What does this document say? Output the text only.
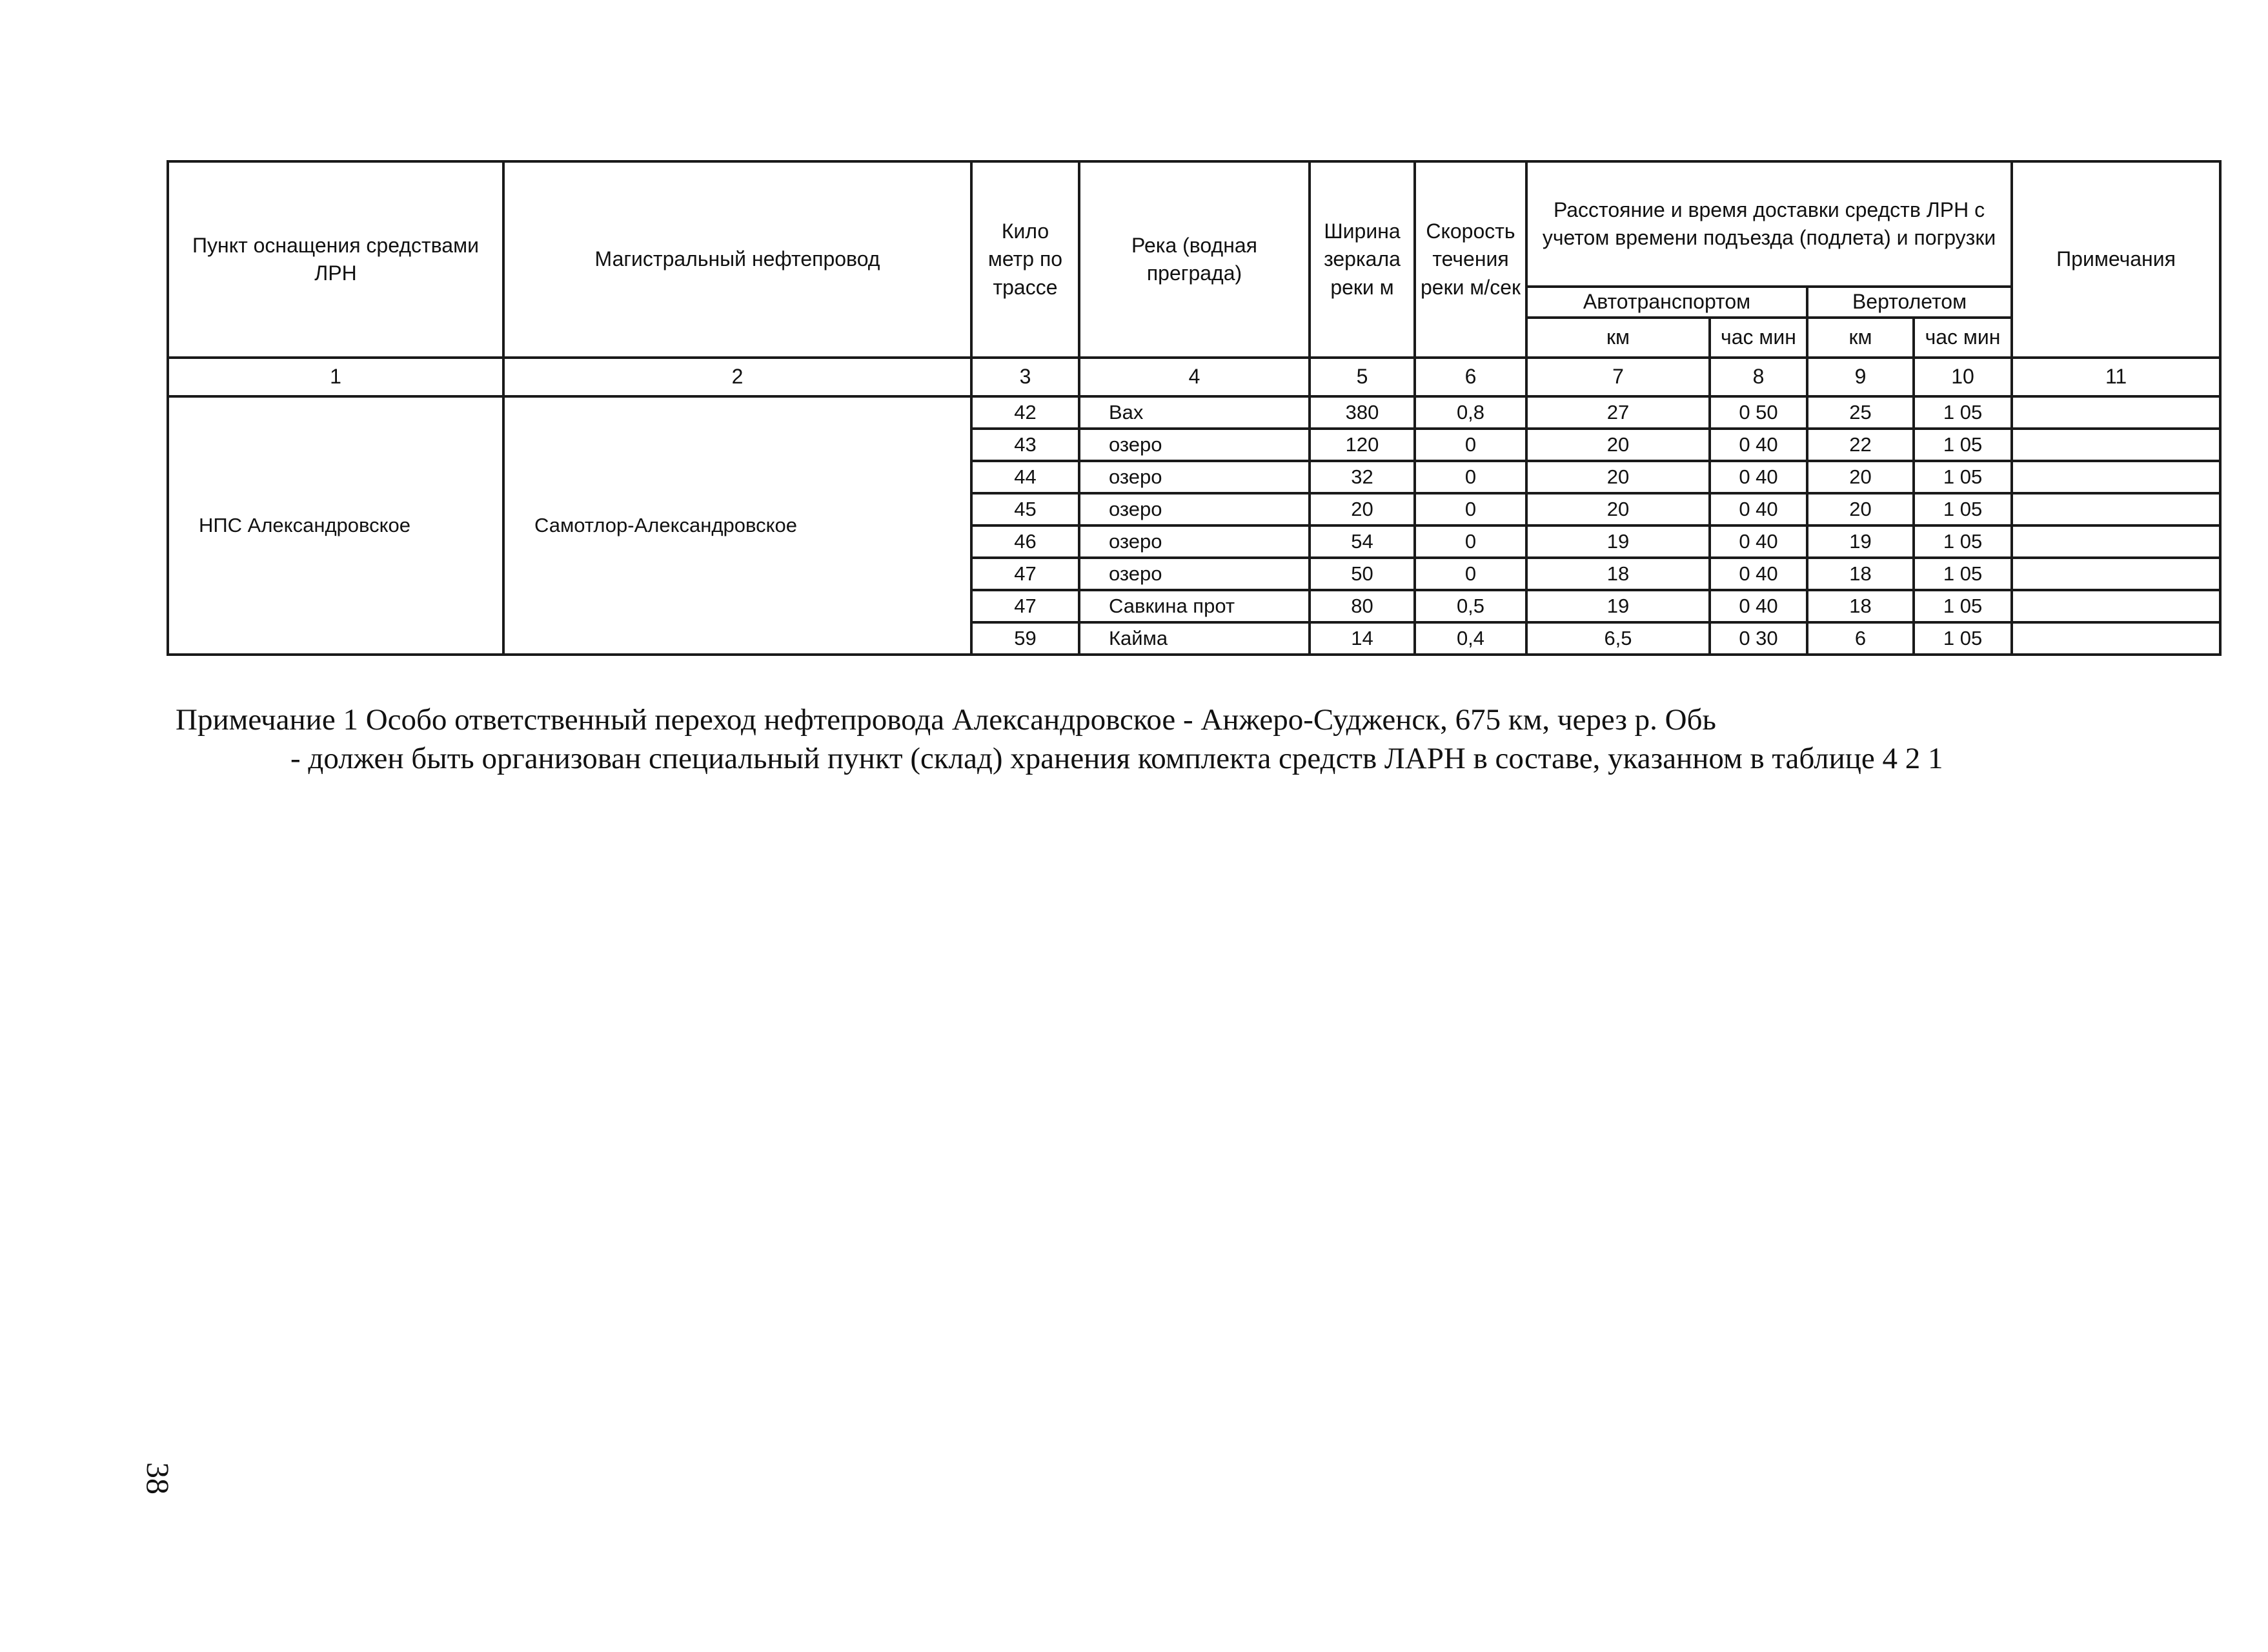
Пункт оснащения средствами ЛРН	Магистральный нефтепровод	Кило метр по трассе	Река (водная преграда)	Ширина зеркала реки м	Скорость течения реки м/сек	Расстояние и время доставки средств ЛРН с учетом времени подъезда (подлета) и погрузки				Примечания
						Автотранспортом		Вертолетом		
						км	час мин	км	час мин	
1	2	3	4	5	6	7	8	9	10	11
НПС Александровское	Самотлор-Александровское	42	Вах	380	0,8	27	0 50	25	1 05	
		43	озеро	120	0	20	0 40	22	1 05	
		44	озеро	32	0	20	0 40	20	1 05	
		45	озеро	20	0	20	0 40	20	1 05	
		46	озеро	54	0	19	0 40	19	1 05	
		47	озеро	50	0	18	0 40	18	1 05	
		47	Савкина прот	80	0,5	19	0 40	18	1 05	
		59	Кайма	14	0,4	6,5	0 30	6	1 05	
Примечание 1 Особо ответственный переход нефтепровода Александровское - Анжеро-Судженск, 675 км, через р. Обь
- должен быть организован специальный пункт (склад) хранения комплекта средств ЛАРН в составе, указанном в таблице 4 2 1
38
